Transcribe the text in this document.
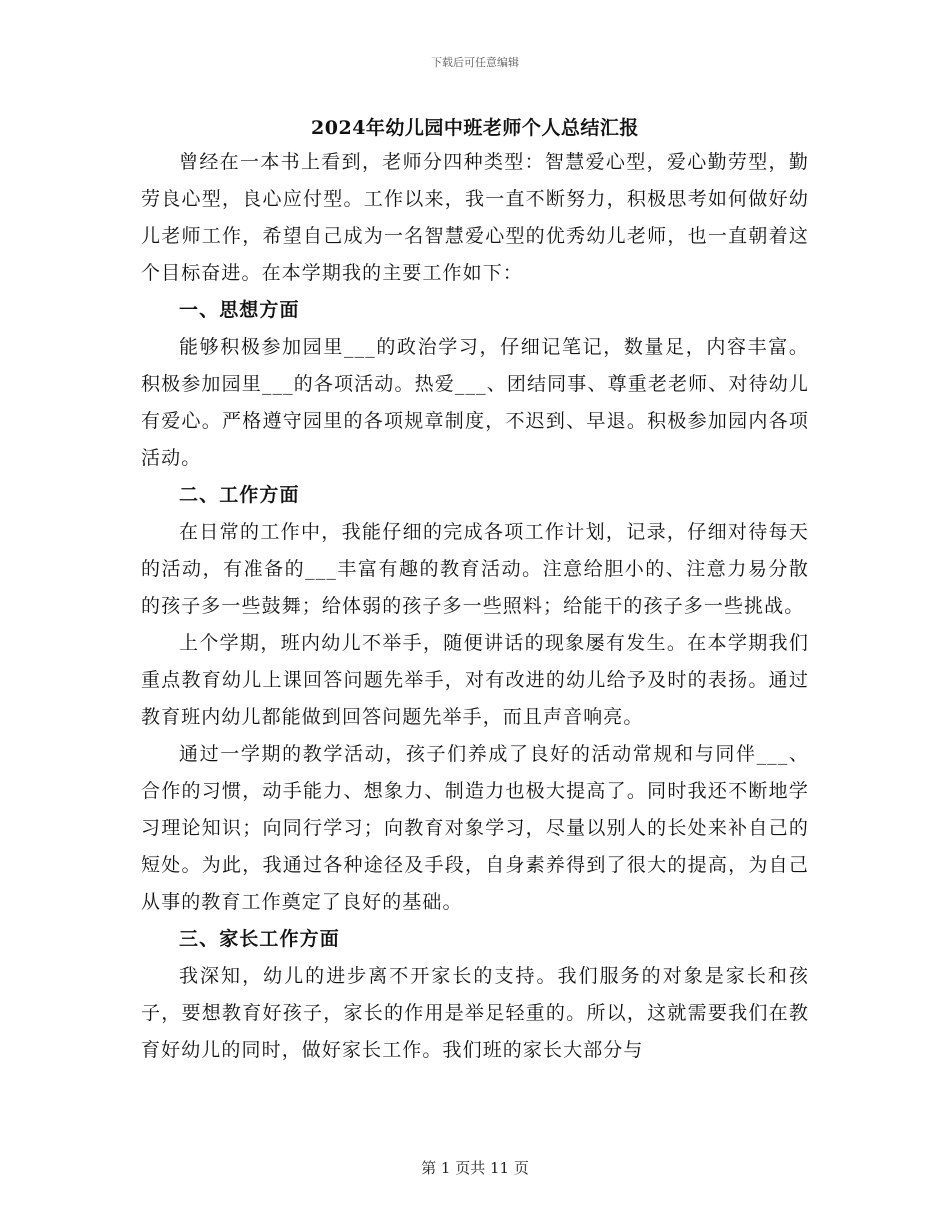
下载后可任意编辑
2024年幼儿园中班老师个人总结汇报

曾经在一本书上看到，老师分四种类型：智慧爱心型，爱心勤劳型，勤劳良心型，良心应付型。工作以来，我一直不断努力，积极思考如何做好幼儿老师工作，希望自己成为一名智慧爱心型的优秀幼儿老师，也一直朝着这个目标奋进。在本学期我的主要工作如下：

一、思想方面

能够积极参加园里___的政治学习，仔细记笔记，数量足，内容丰富。积极参加园里___的各项活动。热爱___、团结同事、尊重老老师、对待幼儿有爱心。严格遵守园里的各项规章制度，不迟到、早退。积极参加园内各项活动。

二、工作方面

在日常的工作中，我能仔细的完成各项工作计划，记录，仔细对待每天的活动，有准备的___丰富有趣的教育活动。注意给胆小的、注意力易分散的孩子多一些鼓舞；给体弱的孩子多一些照料；给能干的孩子多一些挑战。

上个学期，班内幼儿不举手，随便讲话的现象屡有发生。在本学期我们重点教育幼儿上课回答问题先举手，对有改进的幼儿给予及时的表扬。通过教育班内幼儿都能做到回答问题先举手，而且声音响亮。

通过一学期的教学活动，孩子们养成了良好的活动常规和与同伴___、合作的习惯，动手能力、想象力、制造力也极大提高了。同时我还不断地学习理论知识；向同行学习；向教育对象学习，尽量以别人的长处来补自己的短处。为此，我通过各种途径及手段，自身素养得到了很大的提高，为自己从事的教育工作奠定了良好的基础。

三、家长工作方面

我深知，幼儿的进步离不开家长的支持。我们服务的对象是家长和孩子，要想教育好孩子，家长的作用是举足轻重的。所以，这就需要我们在教育好幼儿的同时，做好家长工作。我们班的家长大部分与

第 1 页共 11 页
